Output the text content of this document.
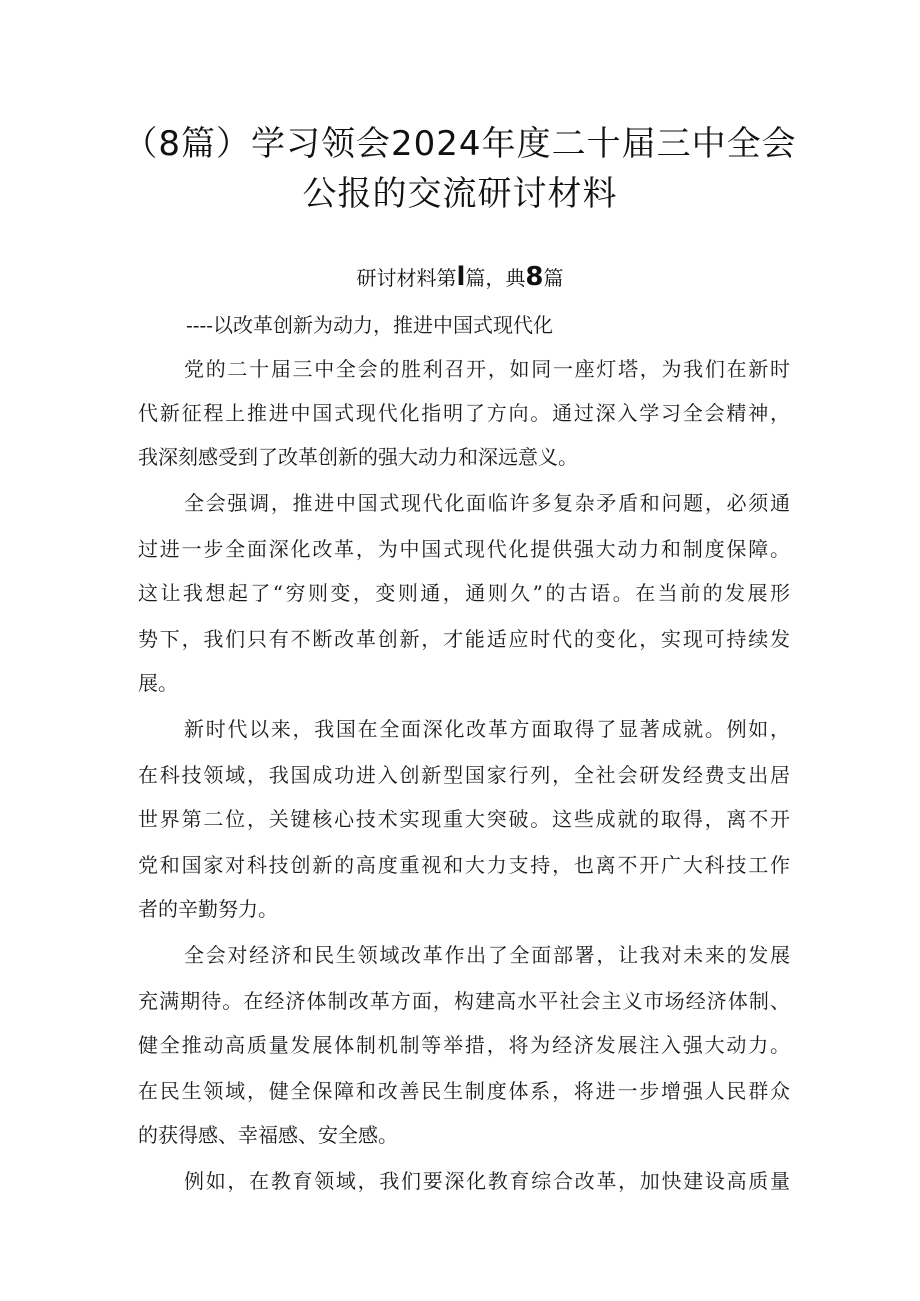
（8篇）学习领会2024年度二十届三中全会
公报的交流研讨材料
研讨材料第l篇，典8篇
----以改革创新为动力，推进中国式现代化
党的二十届三中全会的胜利召开，如同一座灯塔，为我们在新时
代新征程上推进中国式现代化指明了方向。通过深入学习全会精神，
我深刻感受到了改革创新的强大动力和深远意义。
全会强调，推进中国式现代化面临许多复杂矛盾和问题，必须通
过进一步全面深化改革，为中国式现代化提供强大动力和制度保障。
这让我想起了“穷则变，变则通，通则久”的古语。在当前的发展形
势下，我们只有不断改革创新，才能适应时代的变化，实现可持续发
展。
新时代以来，我国在全面深化改革方面取得了显著成就。例如，
在科技领域，我国成功进入创新型国家行列，全社会研发经费支出居
世界第二位，关键核心技术实现重大突破。这些成就的取得，离不开
党和国家对科技创新的高度重视和大力支持，也离不开广大科技工作
者的辛勤努力。
全会对经济和民生领域改革作出了全面部署，让我对未来的发展
充满期待。在经济体制改革方面，构建高水平社会主义市场经济体制、
健全推动高质量发展体制机制等举措，将为经济发展注入强大动力。
在民生领域，健全保障和改善民生制度体系，将进一步增强人民群众
的获得感、幸福感、安全感。
例如，在教育领域，我们要深化教育综合改革，加快建设高质量
